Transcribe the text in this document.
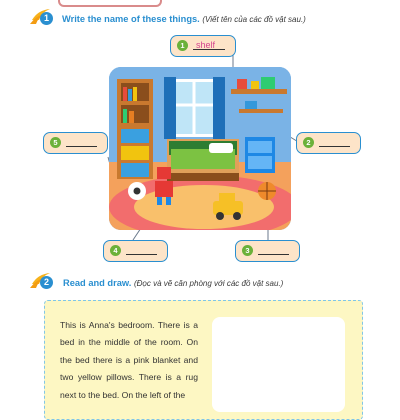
1	Write the name of these things. (Viết tên của các đồ vật sau.)
1	shelf
5	2
4	3
2	Read and draw. (Đọc và vẽ căn phòng với các đồ vật sau.)
This is Anna's bedroom. There is a bed in the middle of the room. On the bed there is a pink blanket and two yellow pillows. There is a rug next to the bed. On the left of the
